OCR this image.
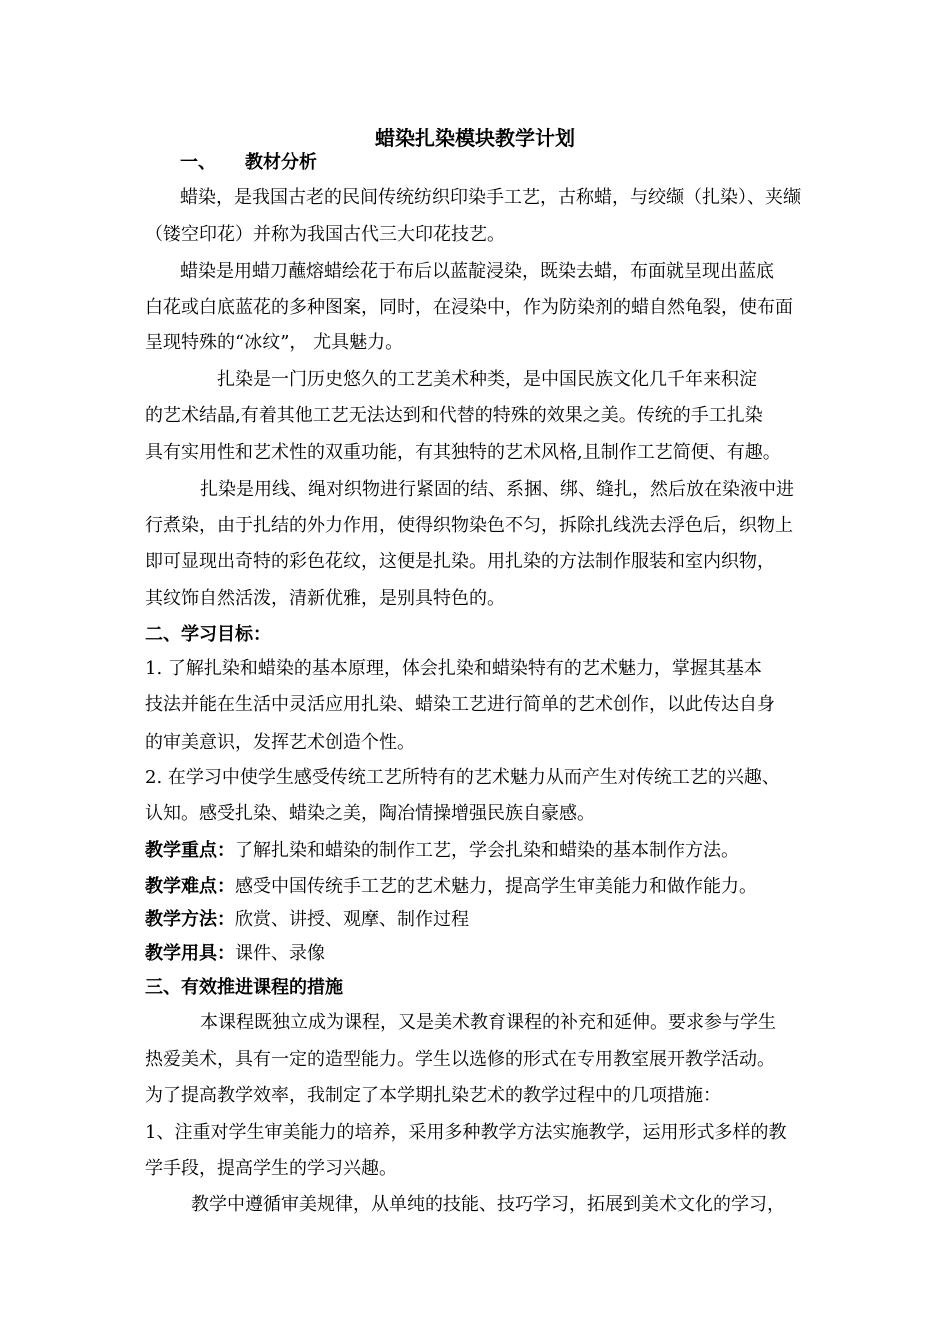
蜡染扎染模块教学计划
一、 教材分析
蜡染，是我国古老的民间传统纺织印染手工艺，古称蜡，与绞缬（扎染）、夹缬
（镂空印花）并称为我国古代三大印花技艺。
蜡染是用蜡刀蘸熔蜡绘花于布后以蓝靛浸染，既染去蜡，布面就呈现出蓝底
白花或白底蓝花的多种图案，同时，在浸染中，作为防染剂的蜡自然龟裂，使布面
呈现特殊的“冰纹”， 尤具魅力。
扎染是一门历史悠久的工艺美术种类，是中国民族文化几千年来积淀
的艺术结晶,有着其他工艺无法达到和代替的特殊的效果之美。传统的手工扎染
具有实用性和艺术性的双重功能，有其独特的艺术风格,且制作工艺简便、有趣。
扎染是用线、绳对织物进行紧固的结、系捆、绑、缝扎，然后放在染液中进
行煮染，由于扎结的外力作用，使得织物染色不匀，拆除扎线洗去浮色后，织物上
即可显现出奇特的彩色花纹，这便是扎染。用扎染的方法制作服装和室内织物，
其纹饰自然活泼，清新优雅，是别具特色的。
二、学习目标：
1. 了解扎染和蜡染的基本原理，体会扎染和蜡染特有的艺术魅力，掌握其基本
技法并能在生活中灵活应用扎染、蜡染工艺进行简单的艺术创作，以此传达自身
的审美意识，发挥艺术创造个性。
2. 在学习中使学生感受传统工艺所特有的艺术魅力从而产生对传统工艺的兴趣、
认知。感受扎染、蜡染之美，陶冶情操增强民族自豪感。
教学重点：了解扎染和蜡染的制作工艺，学会扎染和蜡染的基本制作方法。
教学难点：感受中国传统手工艺的艺术魅力，提高学生审美能力和做作能力。
教学方法：欣赏、讲授、观摩、制作过程
教学用具：课件、录像
三、有效推进课程的措施
本课程既独立成为课程，又是美术教育课程的补充和延伸。要求参与学生
热爱美术，具有一定的造型能力。学生以选修的形式在专用教室展开教学活动。
为了提高教学效率，我制定了本学期扎染艺术的教学过程中的几项措施：
1、注重对学生审美能力的培养，采用多种教学方法实施教学，运用形式多样的教
学手段，提高学生的学习兴趣。
教学中遵循审美规律，从单纯的技能、技巧学习，拓展到美术文化的学习，
